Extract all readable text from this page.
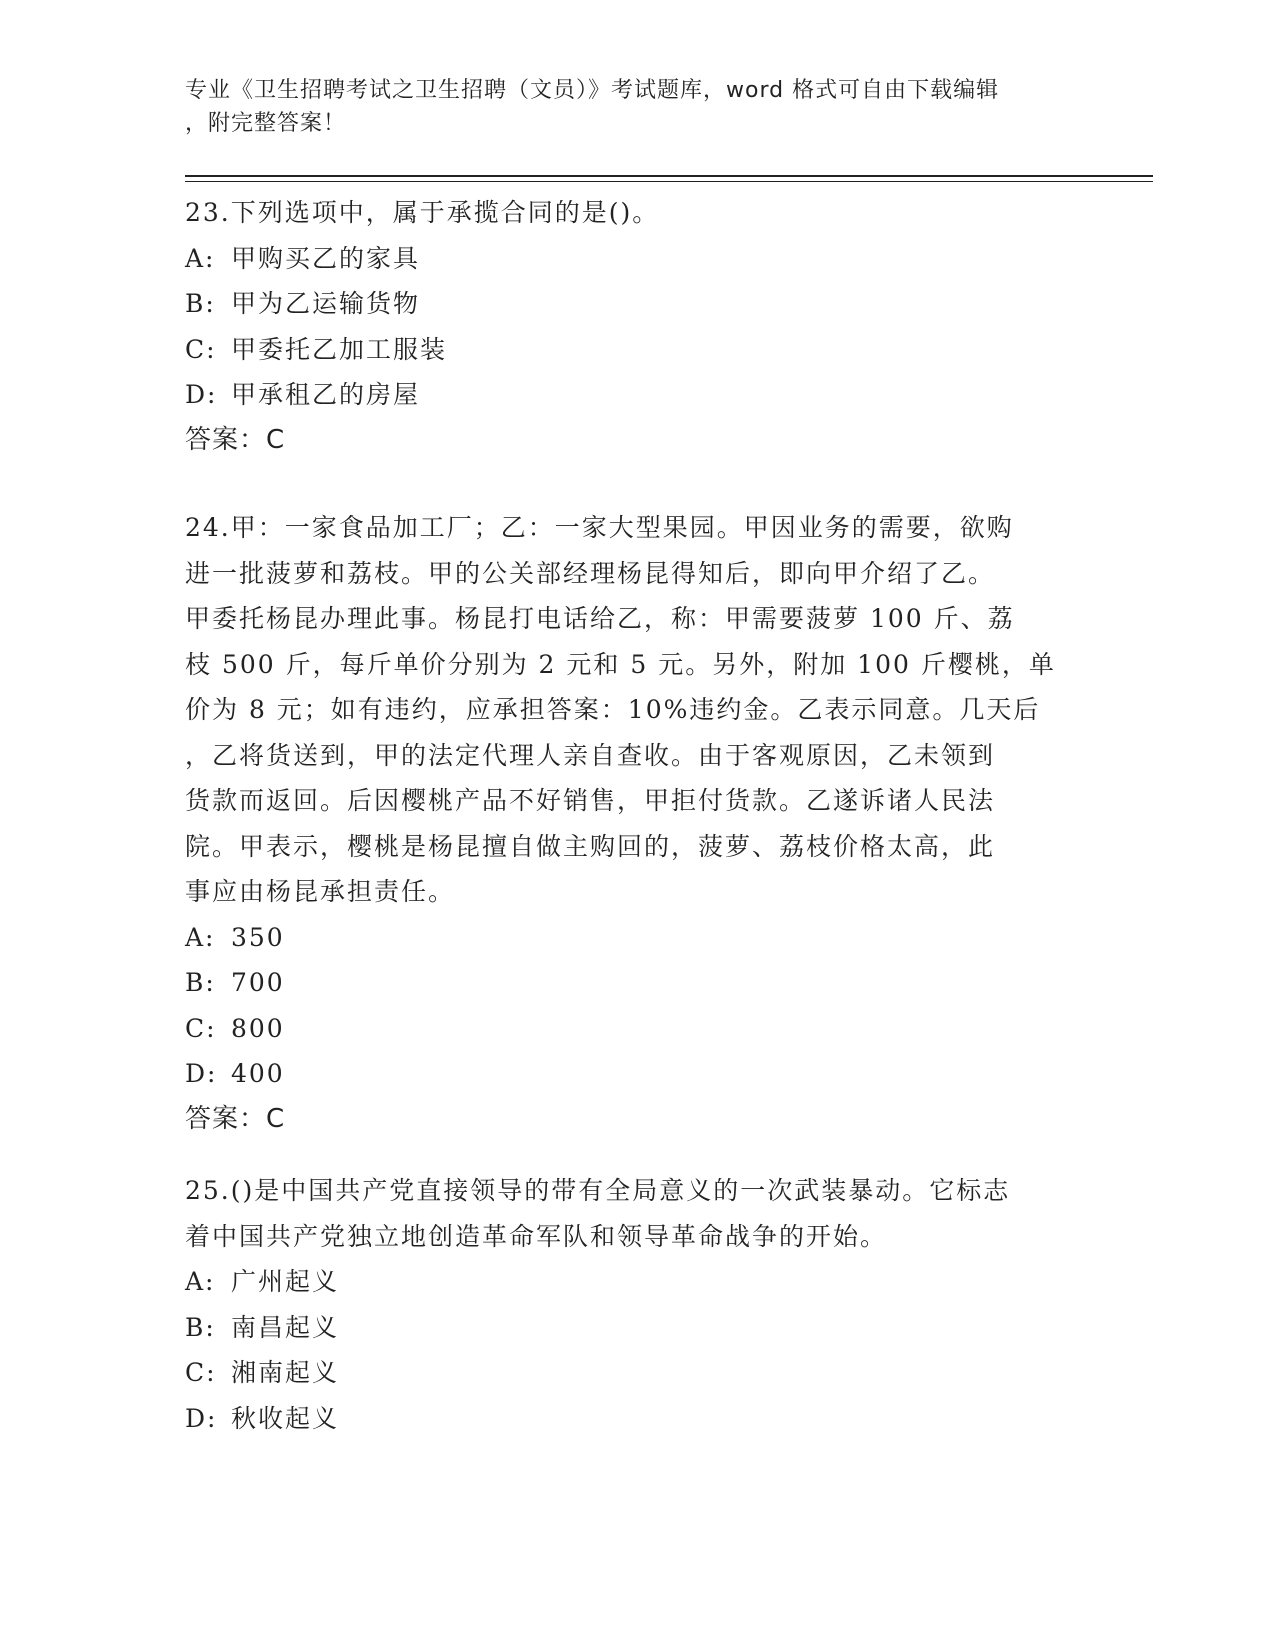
专业《卫生招聘考试之卫生招聘（文员）》考试题库，word 格式可自由下载编辑
，附完整答案！
23.下列选项中，属于承揽合同的是()。
A: 甲购买乙的家具
B: 甲为乙运输货物
C: 甲委托乙加工服装
D: 甲承租乙的房屋
答案：C
24.甲：一家食品加工厂；乙：一家大型果园。甲因业务的需要，欲购
进一批菠萝和荔枝。甲的公关部经理杨昆得知后，即向甲介绍了乙。
甲委托杨昆办理此事。杨昆打电话给乙，称：甲需要菠萝 100 斤、荔
枝 500 斤，每斤单价分别为 2 元和 5 元。另外，附加 100 斤樱桃，单
价为 8 元；如有违约，应承担答案：10%违约金。乙表示同意。几天后
，乙将货送到，甲的法定代理人亲自查收。由于客观原因，乙未领到
货款而返回。后因樱桃产品不好销售，甲拒付货款。乙遂诉诸人民法
院。甲表示，樱桃是杨昆擅自做主购回的，菠萝、荔枝价格太高，此
事应由杨昆承担责任。
A: 350
B: 700
C: 800
D: 400
答案：C
25.()是中国共产党直接领导的带有全局意义的一次武装暴动。它标志
着中国共产党独立地创造革命军队和领导革命战争的开始。
A: 广州起义
B: 南昌起义
C: 湘南起义
D: 秋收起义
